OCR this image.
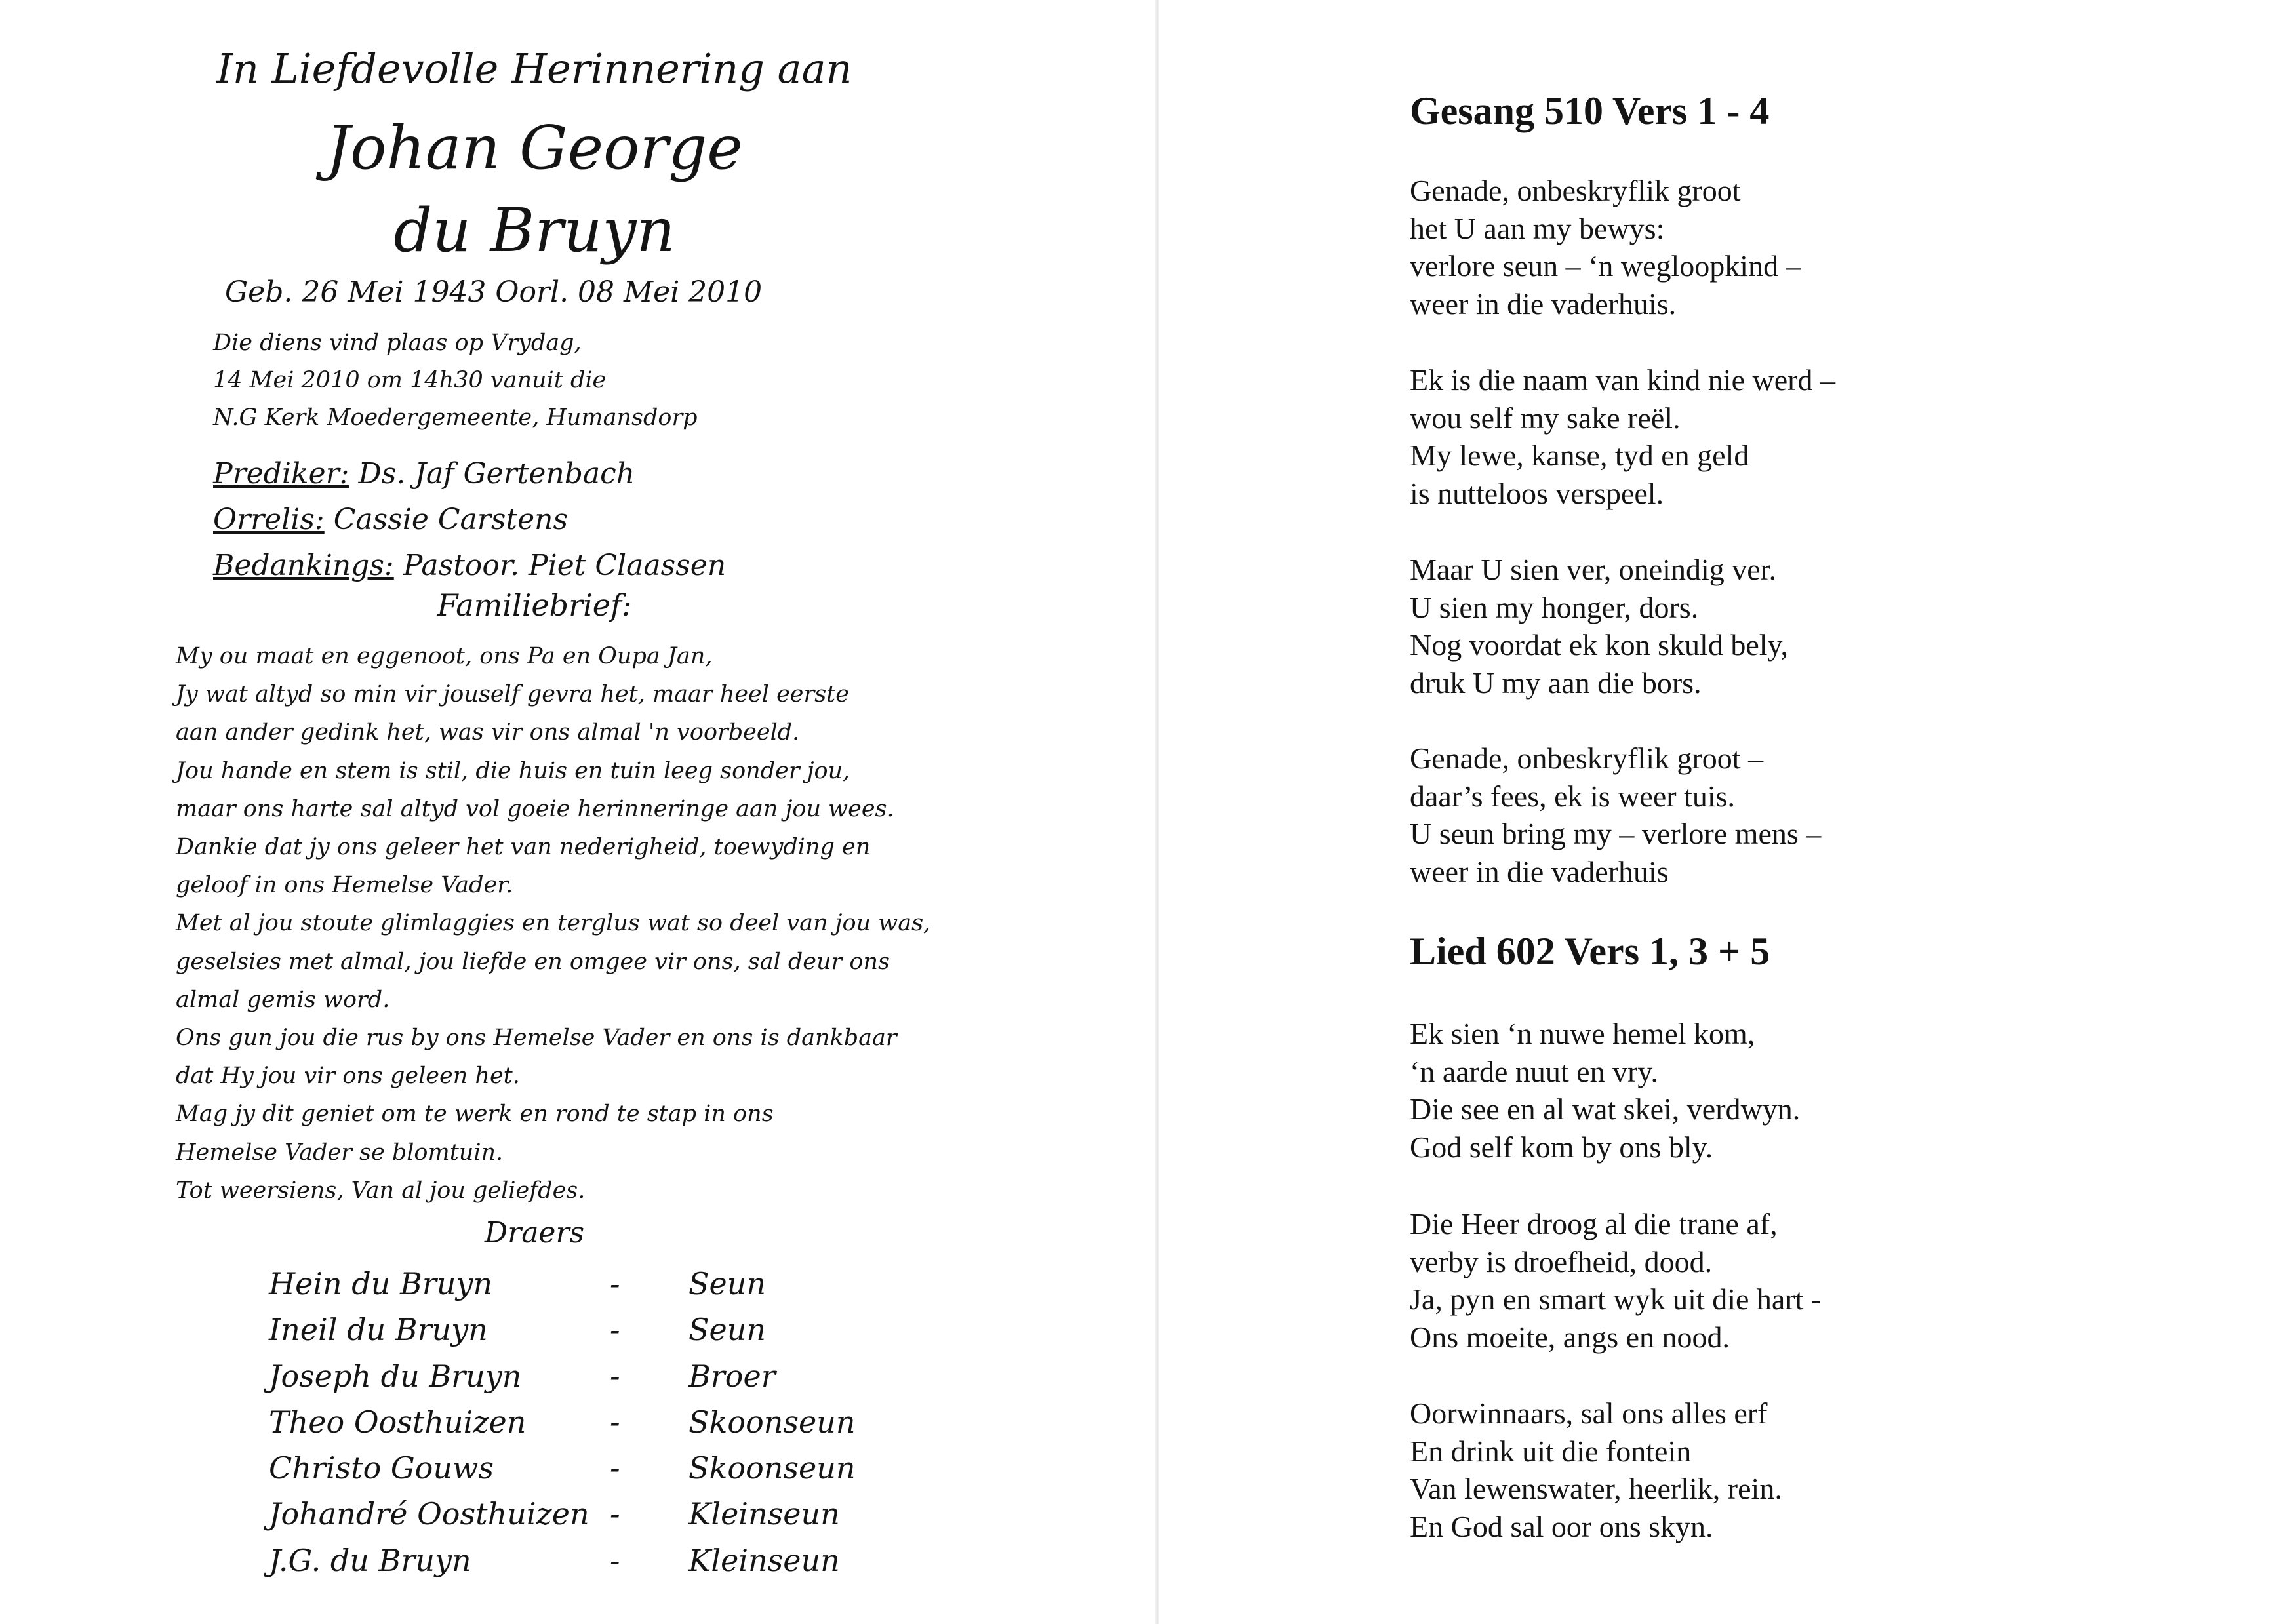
In Liefdevolle Herinnering aan
Johan George
du Bruyn
Geb. 26 Mei 1943 Oorl. 08 Mei 2010
Die diens vind plaas op Vrydag,
14 Mei 2010 om 14h30 vanuit die
N.G Kerk Moedergemeente, Humansdorp
Prediker: Ds. Jaf Gertenbach
Orrelis: Cassie Carstens
Bedankings: Pastoor. Piet Claassen
Familiebrief:
My ou maat en eggenoot, ons Pa en Oupa Jan,
Jy wat altyd so min vir jouself gevra het, maar heel eerste
aan ander gedink het, was vir ons almal 'n voorbeeld.
Jou hande en stem is stil, die huis en tuin leeg sonder jou,
maar ons harte sal altyd vol goeie herinneringe aan jou wees.
Dankie dat jy ons geleer het van nederigheid, toewyding en
geloof in ons Hemelse Vader.
Met al jou stoute glimlaggies en terglus wat so deel van jou was,
geselsies met almal, jou liefde en omgee vir ons, sal deur ons
almal gemis word.
Ons gun jou die rus by ons Hemelse Vader en ons is dankbaar
dat Hy jou vir ons geleen het.
Mag jy dit geniet om te werk en rond te stap in ons
Hemelse Vader se blomtuin.
Tot weersiens, Van al jou geliefdes.
Draers
Hein du Bruyn	-	Seun
Ineil du Bruyn	-	Seun
Joseph du Bruyn	-	Broer
Theo Oosthuizen	-	Skoonseun
Christo Gouws	-	Skoonseun
Johandré Oosthuizen -	Kleinseun
J.G. du Bruyn	-	Kleinseun
Gesang 510 Vers 1 - 4
Genade, onbeskryflik groot
het U aan my bewys:
verlore seun – ‘n wegloopkind –
weer in die vaderhuis.
Ek is die naam van kind nie werd –
wou self my sake reël.
My lewe, kanse, tyd en geld
is nutteloos verspeel.
Maar U sien ver, oneindig ver.
U sien my honger, dors.
Nog voordat ek kon skuld bely,
druk U my aan die bors.
Genade, onbeskryflik groot –
daar’s fees, ek is weer tuis.
U seun bring my – verlore mens –
weer in die vaderhuis
Lied 602 Vers 1, 3 + 5
Ek sien ‘n nuwe hemel kom,
‘n aarde nuut en vry.
Die see en al wat skei, verdwyn.
God self kom by ons bly.
Die Heer droog al die trane af,
verby is droefheid, dood.
Ja, pyn en smart wyk uit die hart -
Ons moeite, angs en nood.
Oorwinnaars, sal ons alles erf
En drink uit die fontein
Van lewenswater, heerlik, rein.
En God sal oor ons skyn.
